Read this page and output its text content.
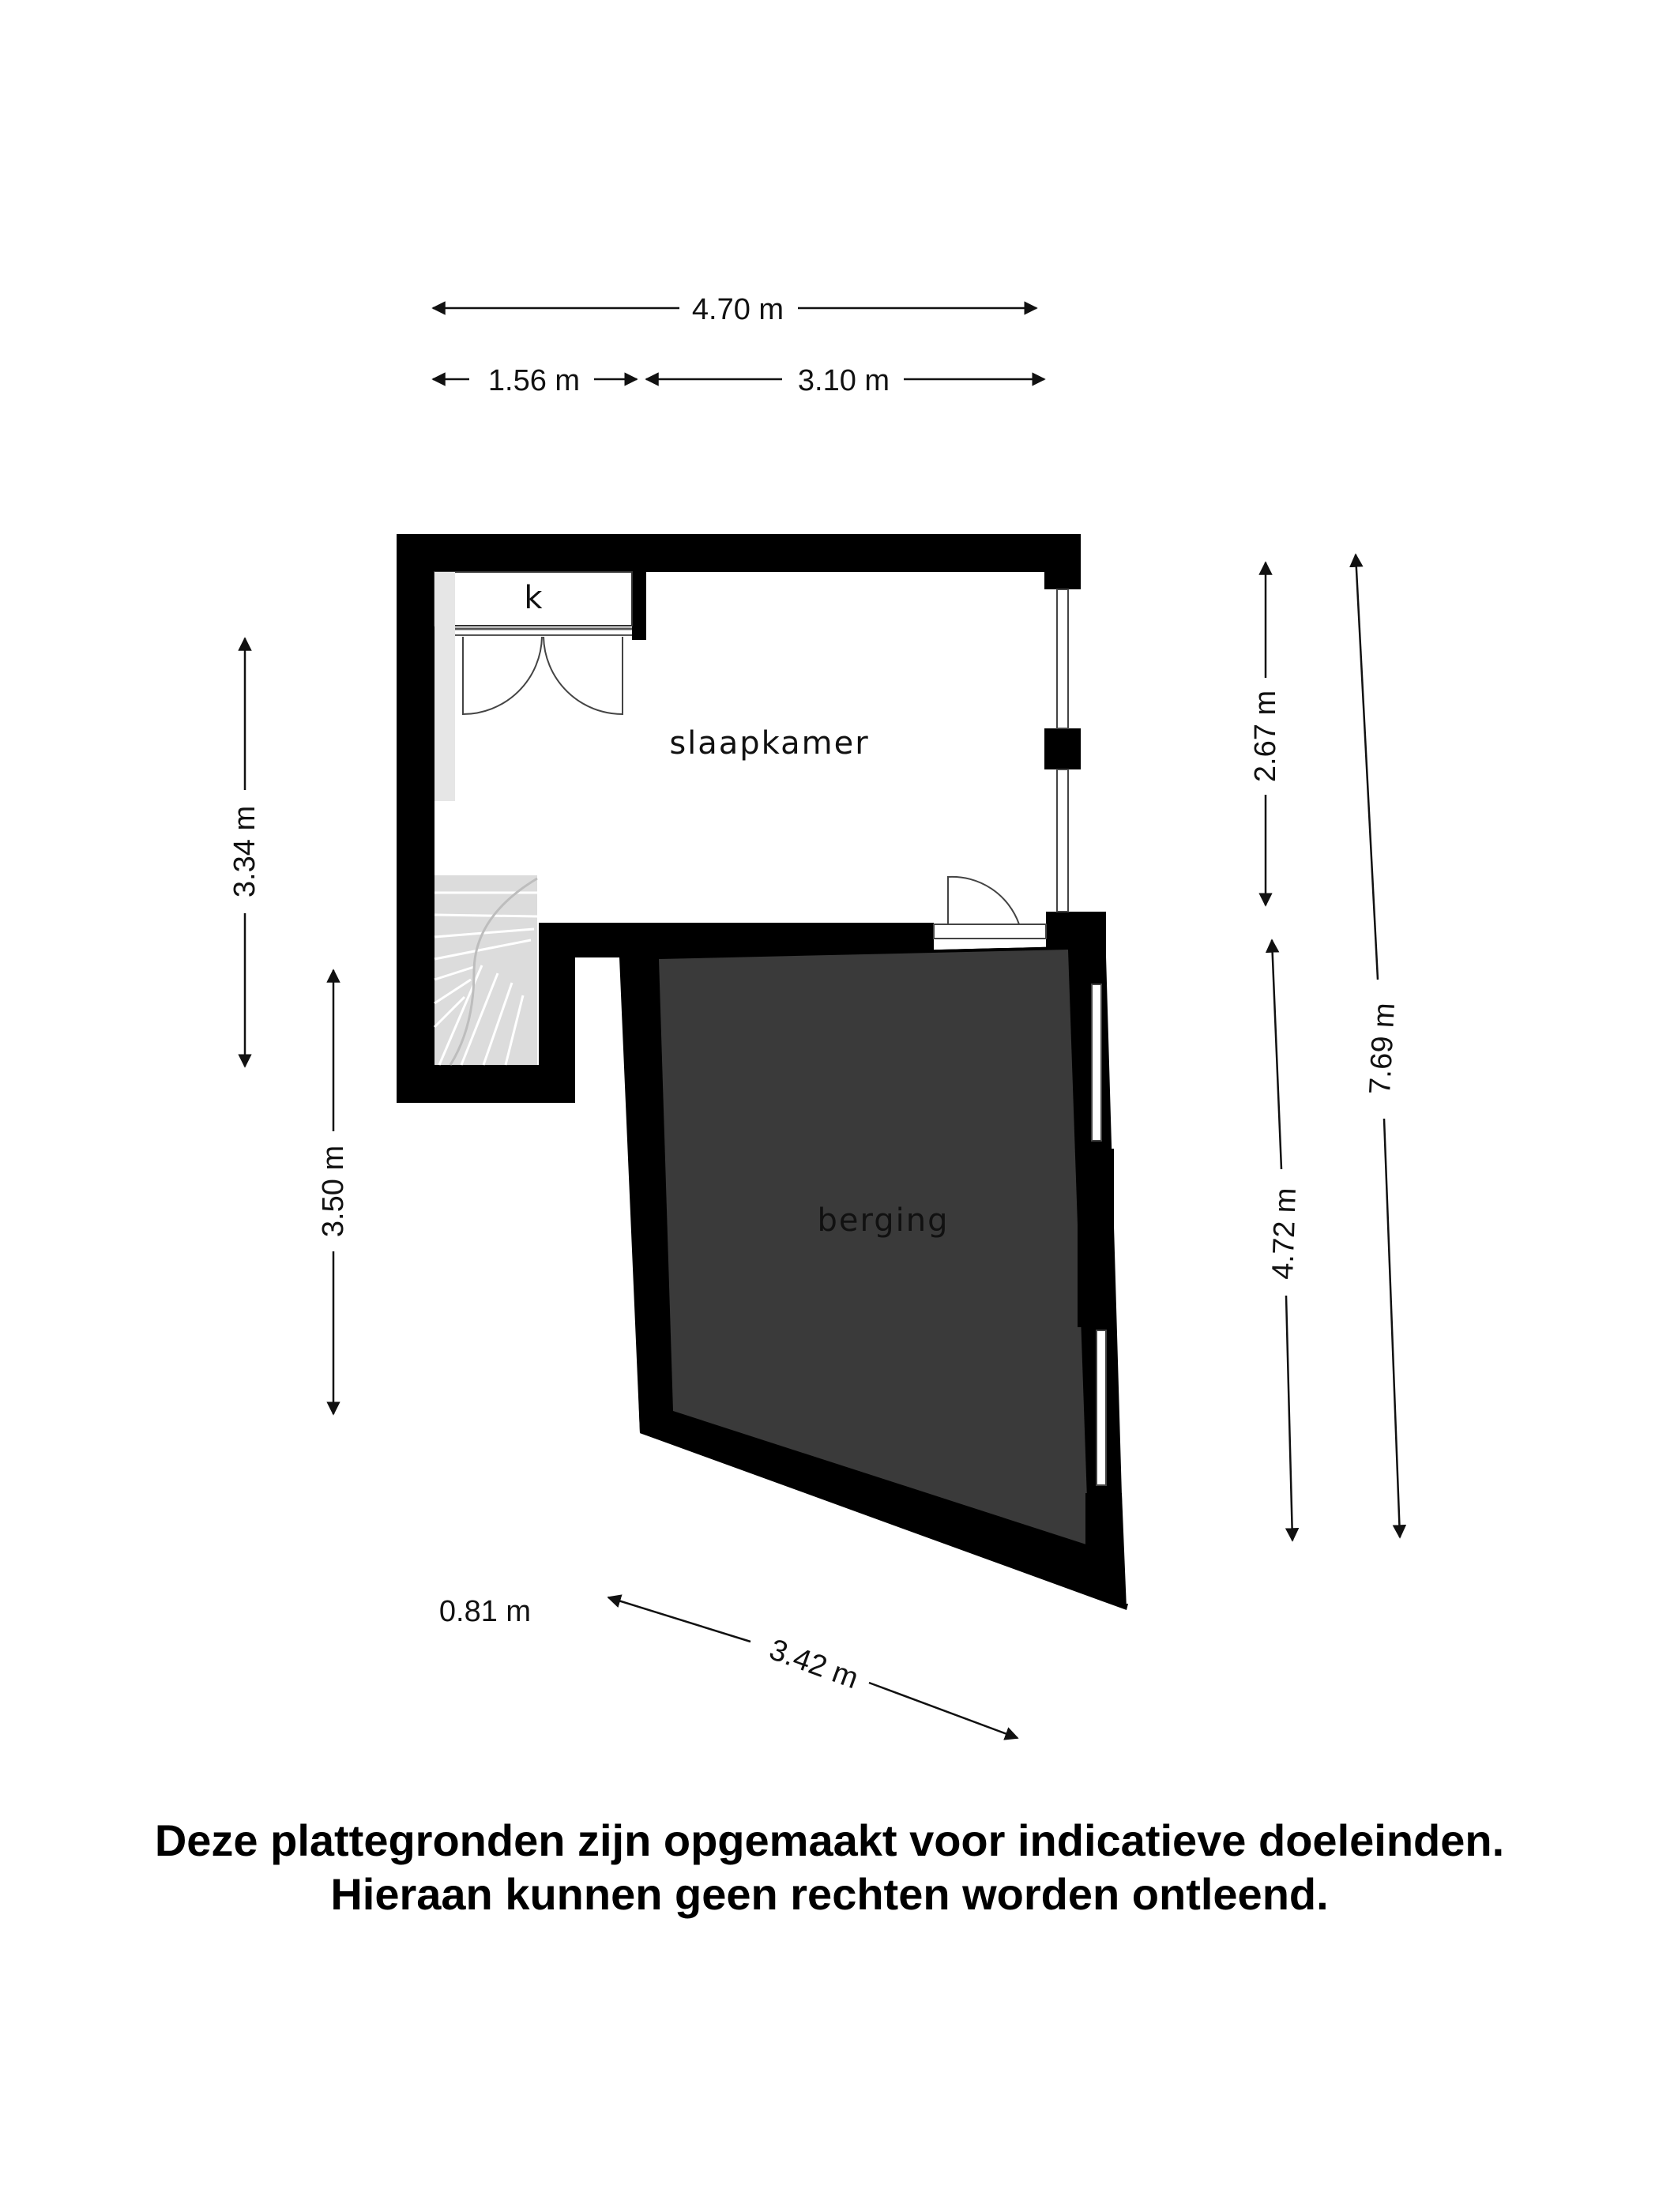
slaapkamer
berging
k
4.70 m
1.56 m	3.10 m
3.34 m
3.50 m
2.67 m
4.72 m
7.69 m
0.81 m
3.42 m
Deze plattegronden zijn opgemaakt voor indicatieve doeleinden.
Hieraan kunnen geen rechten worden ontleend.
